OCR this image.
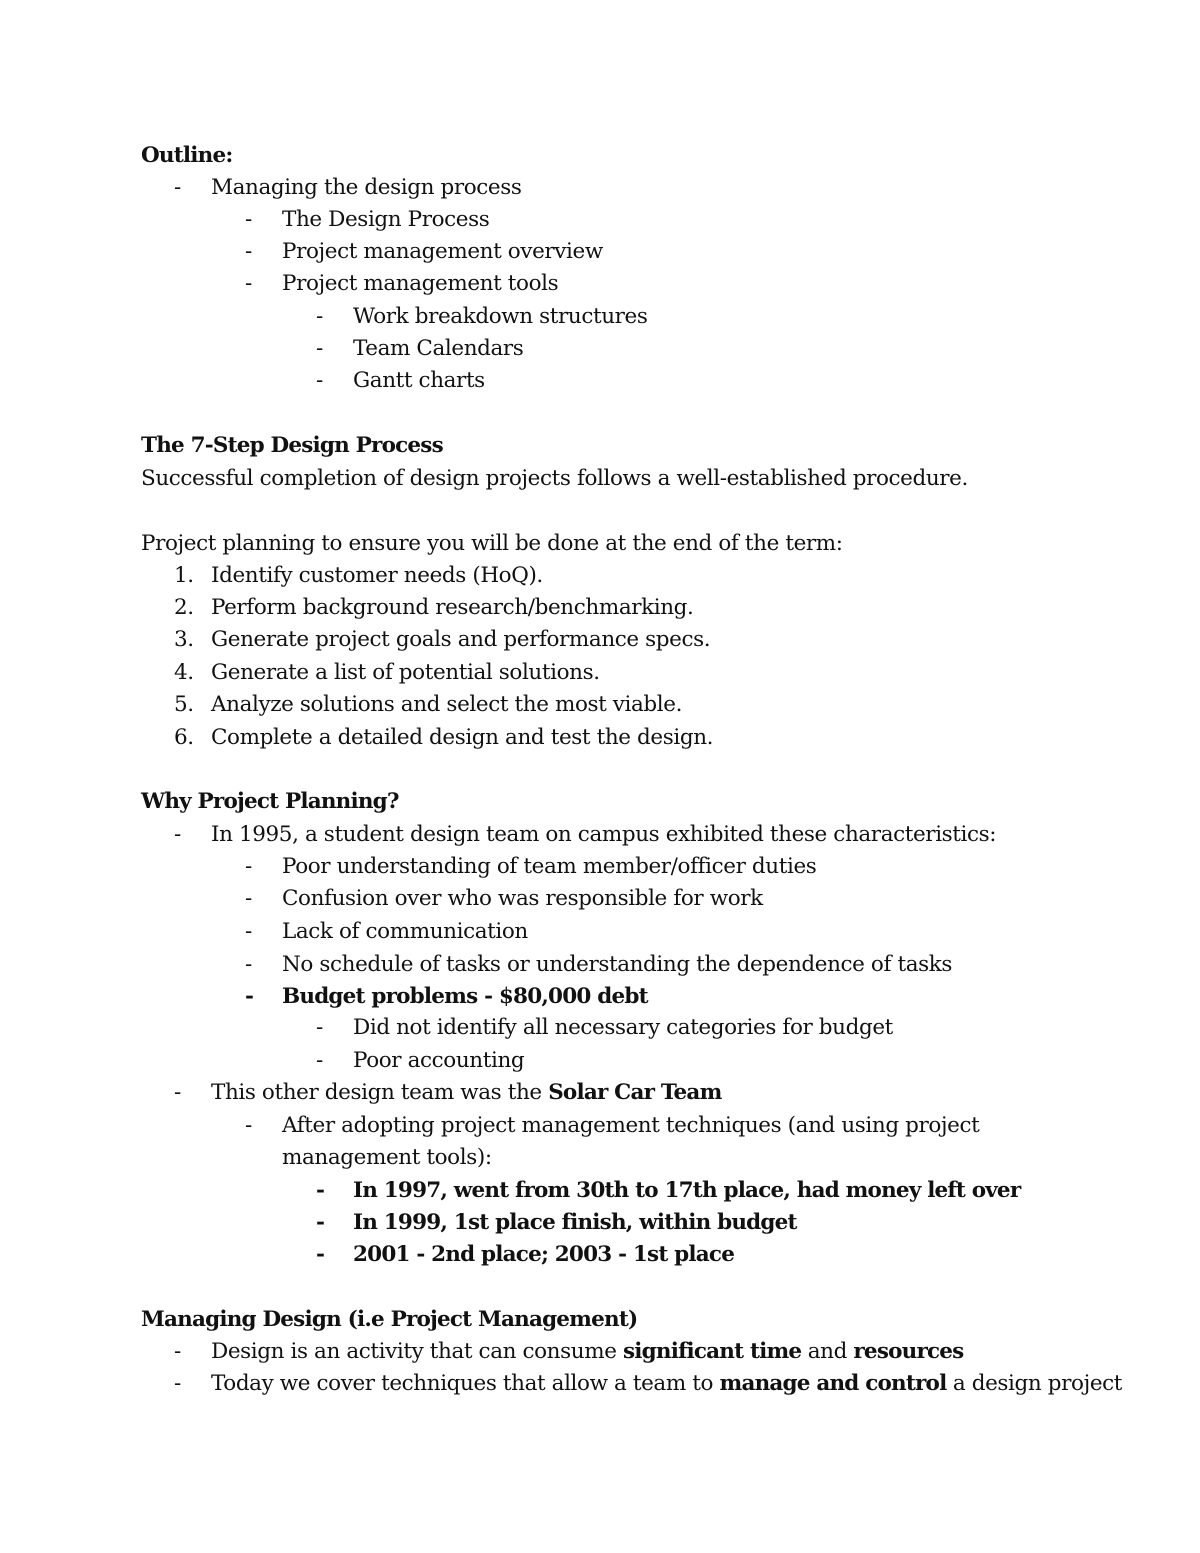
Outline:
- Managing the design process
- The Design Process
- Project management overview
- Project management tools
- Work breakdown structures
- Team Calendars
- Gantt charts
The 7-Step Design Process
Successful completion of design projects follows a well-established procedure.
Project planning to ensure you will be done at the end of the term:
1. Identify customer needs (HoQ).
2. Perform background research/benchmarking.
3. Generate project goals and performance specs.
4. Generate a list of potential solutions.
5. Analyze solutions and select the most viable.
6. Complete a detailed design and test the design.
Why Project Planning?
- In 1995, a student design team on campus exhibited these characteristics:
- Poor understanding of team member/officer duties
- Confusion over who was responsible for work
- Lack of communication
- No schedule of tasks or understanding the dependence of tasks
- Budget problems - $80,000 debt
- Did not identify all necessary categories for budget
- Poor accounting
- This other design team was the Solar Car Team
- After adopting project management techniques (and using project
management tools):
- In 1997, went from 30th to 17th place, had money left over
- In 1999, 1st place finish, within budget
- 2001 - 2nd place; 2003 - 1st place
Managing Design (i.e Project Management)
- Design is an activity that can consume significant time and resources
- Today we cover techniques that allow a team to manage and control a design project
